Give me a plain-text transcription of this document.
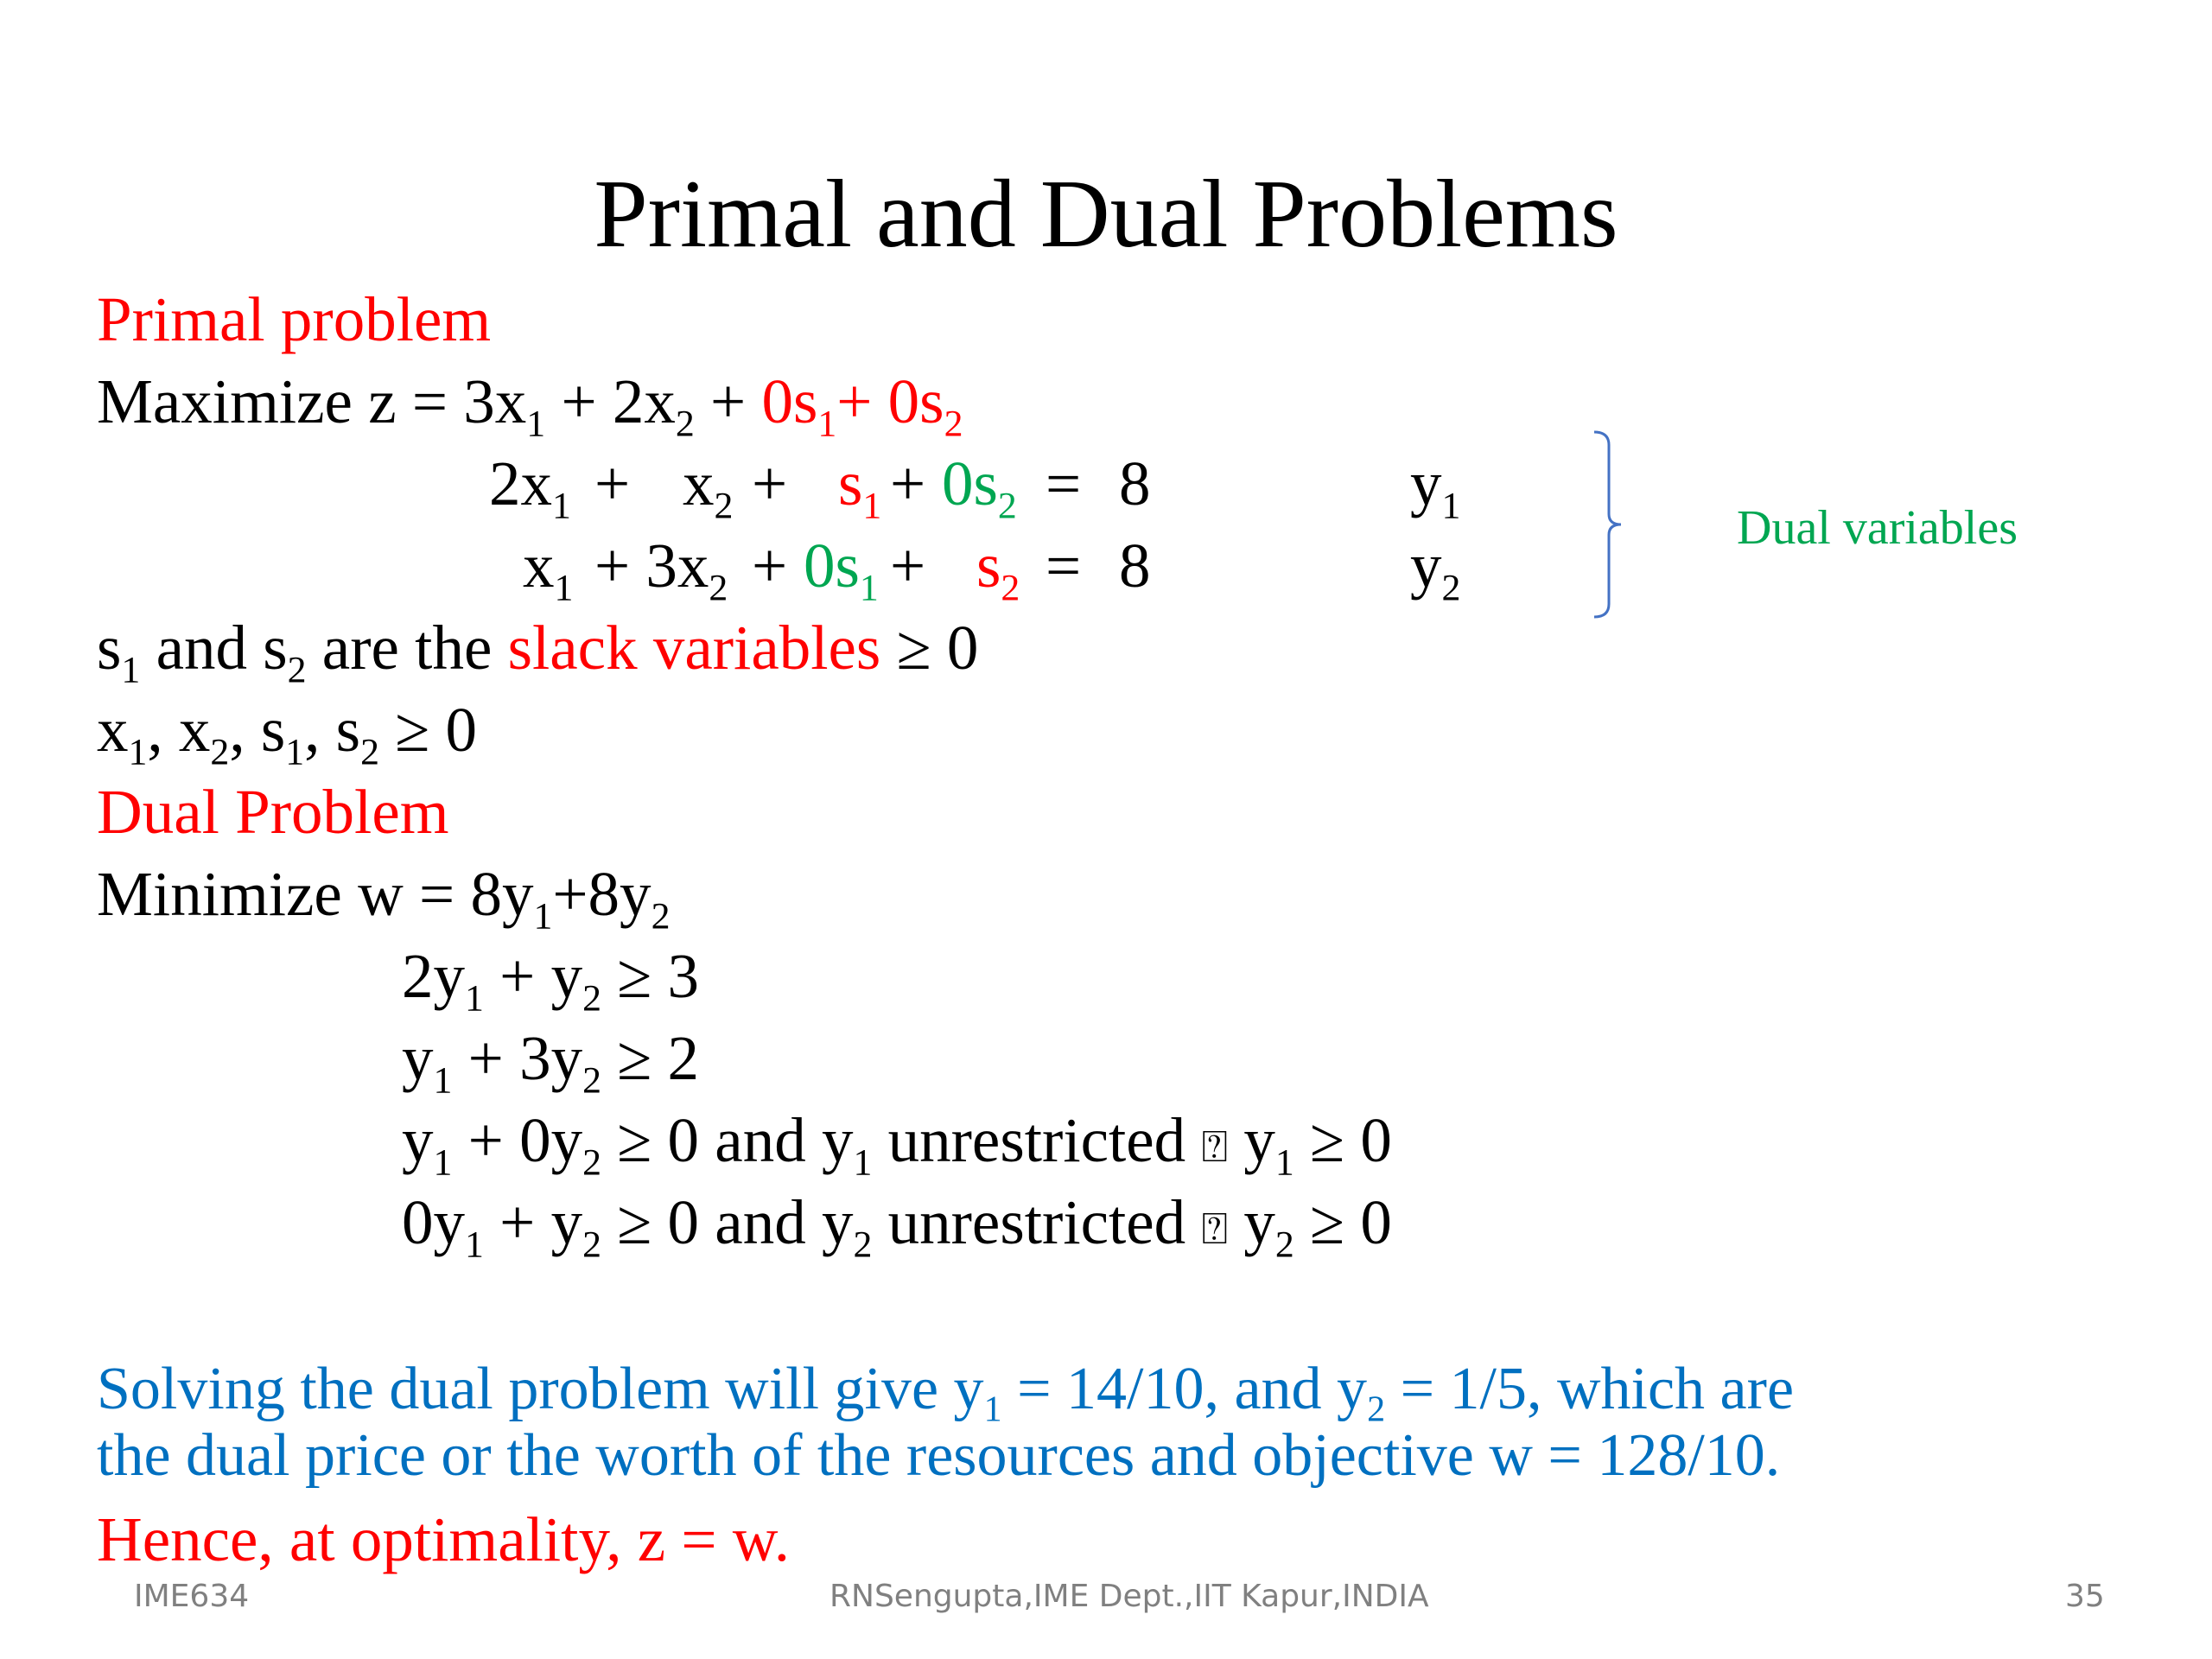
Primal and Dual Problems
Primal problem
Maximize $z = 3x_1 + 2x_2 + 0s_1+ 0s_2$
$2x_1 + x_2 + s_1 + 0s_2 = 8$	$y_1$
$x_1 + 3x_2 + 0s_1 + s_2 = 8$	$y_2$
Dual variables
$s_1$ and $s_2$ are the slack variables ≥ 0
$x_1$, $x_2$, $s_1$, $s_2 \ge 0$
Dual Problem
Minimize $w = 8y_1+8y_2$
$2y_1 + y_2 \ge 3$
$y_1 + 3y_2 \ge 2$
$y_1 + 0y_2 \ge 0$ and $y_1$ unrestricted ⍰ $y_1 \ge 0$
$0y_1 + y_2 \ge 0$ and $y_2$ unrestricted ⍰ $y_2 \ge 0$
Solving the dual problem will give $y_1 = 14/10$, and $y_2 = 1/5$, which are
the dual price or the worth of the resources and objective w = 128/10.
Hence, at optimality, z = w.
IME634	RNSengupta,IME Dept.,IIT Kapur,INDIA	35
